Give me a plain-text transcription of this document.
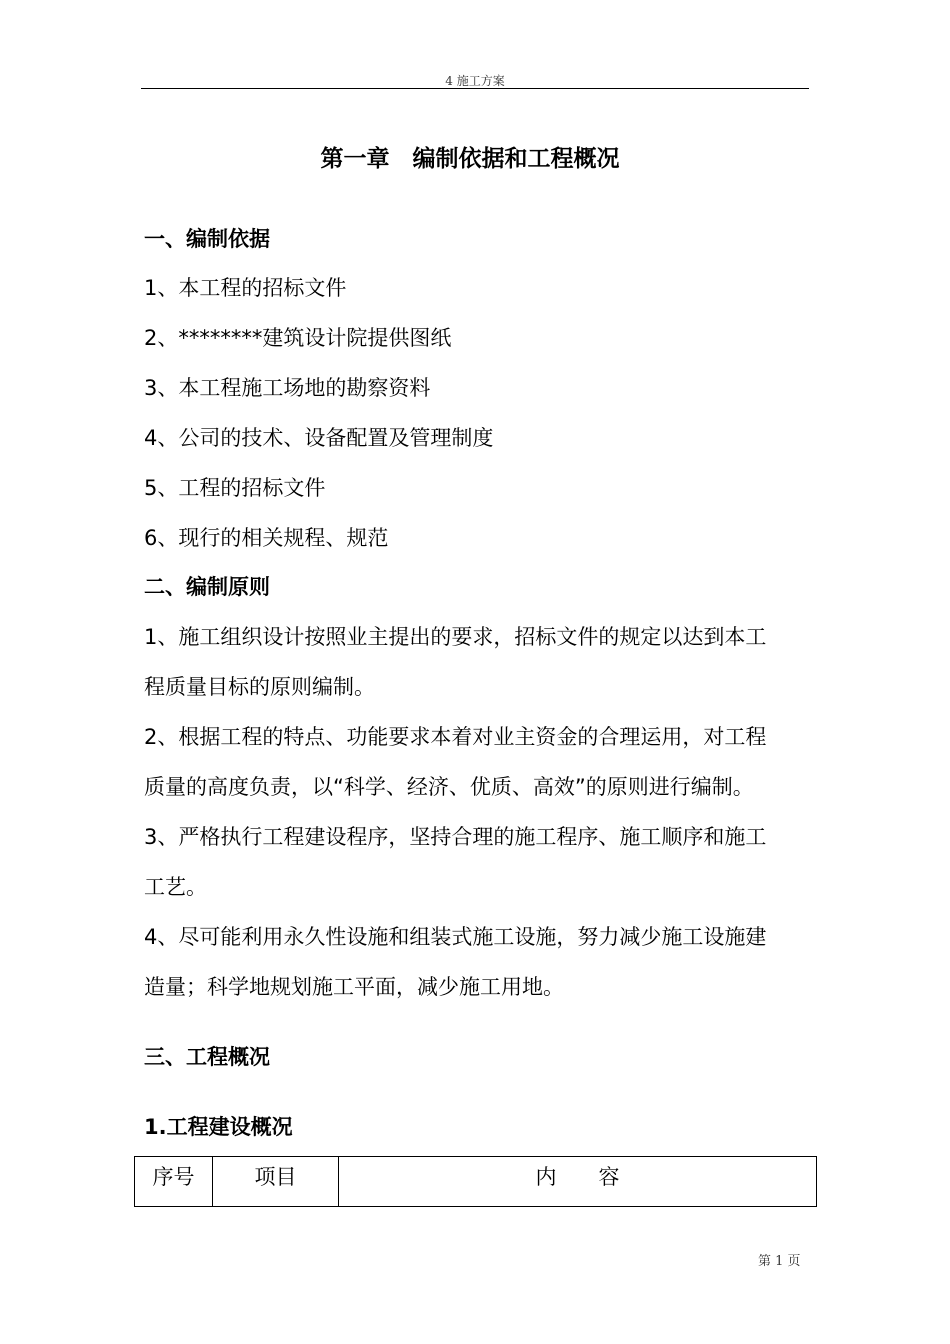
4 施工方案
第一章　编制依据和工程概况
一、编制依据
1、本工程的招标文件
2、********建筑设计院提供图纸
3、本工程施工场地的勘察资料
4、公司的技术、设备配置及管理制度
5、工程的招标文件
6、现行的相关规程、规范
二、编制原则
1、施工组织设计按照业主提出的要求，招标文件的规定以达到本工
程质量目标的原则编制。
2、根据工程的特点、功能要求本着对业主资金的合理运用，对工程
质量的高度负责，以“科学、经济、优质、高效”的原则进行编制。
3、严格执行工程建设程序，坚持合理的施工程序、施工顺序和施工
工艺。
4、尽可能利用永久性设施和组装式施工设施，努力减少施工设施建
造量；科学地规划施工平面，减少施工用地。
三、工程概况
1.工程建设概况
序号	项目	内　　容
第 1 页
